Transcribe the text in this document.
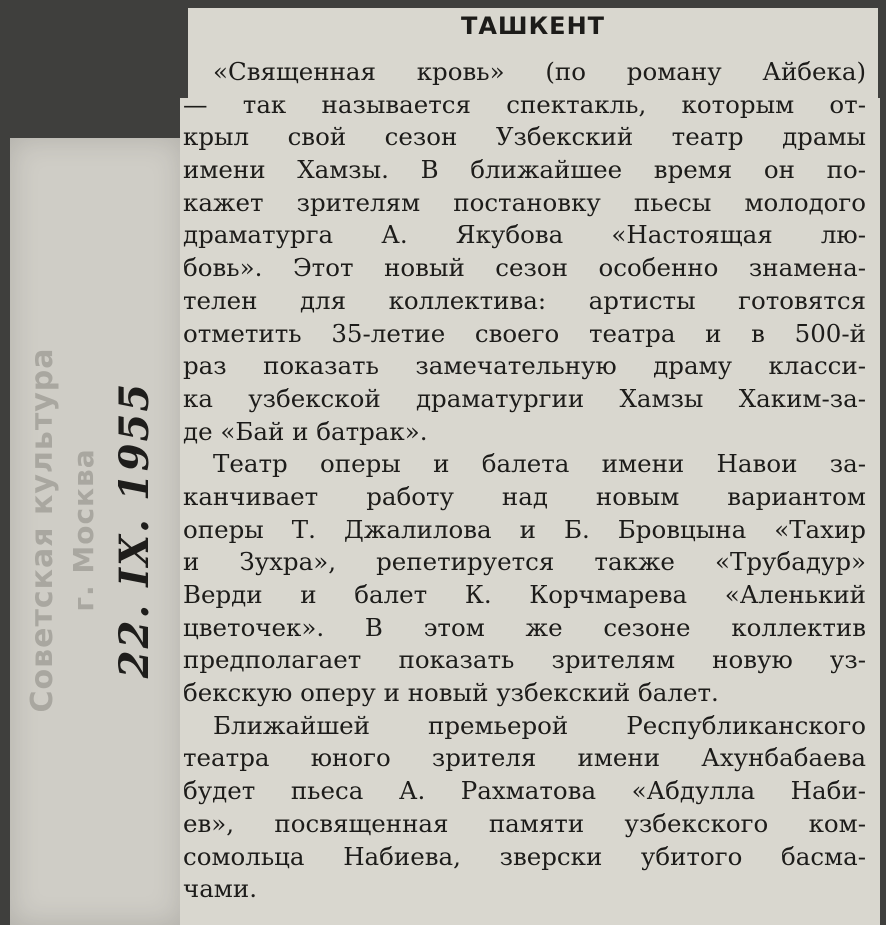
Советская культура г. Москва 22. IX. 1955
ТАШКЕНТ
«Священная кровь» (по роману Айбека)
— так называется спектакль, которым от-
крыл свой сезон Узбекский театр драмы
имени Хамзы. В ближайшее время он по-
кажет зрителям постановку пьесы молодого
драматурга А. Якубова «Настоящая лю-
бовь». Этот новый сезон особенно знамена-
телен для коллектива: артисты готовятся
отметить 35-летие своего театра и в 500-й
раз показать замечательную драму класси-
ка узбекской драматургии Хамзы Хаким-за-
де «Бай и батрак».
Театр оперы и балета имени Навои за-
канчивает работу над новым вариантом
оперы Т. Джалилова и Б. Бровцына «Тахир
и Зухра», репетируется также «Трубадур»
Верди и балет К. Корчмарева «Аленький
цветочек». В этом же сезоне коллектив
предполагает показать зрителям новую уз-
бекскую оперу и новый узбекский балет.
Ближайшей премьерой Республиканского
театра юного зрителя имени Ахунбабаева
будет пьеса А. Рахматова «Абдулла Наби-
ев», посвященная памяти узбекского ком-
сомольца Набиева, зверски убитого басма-
чами.
